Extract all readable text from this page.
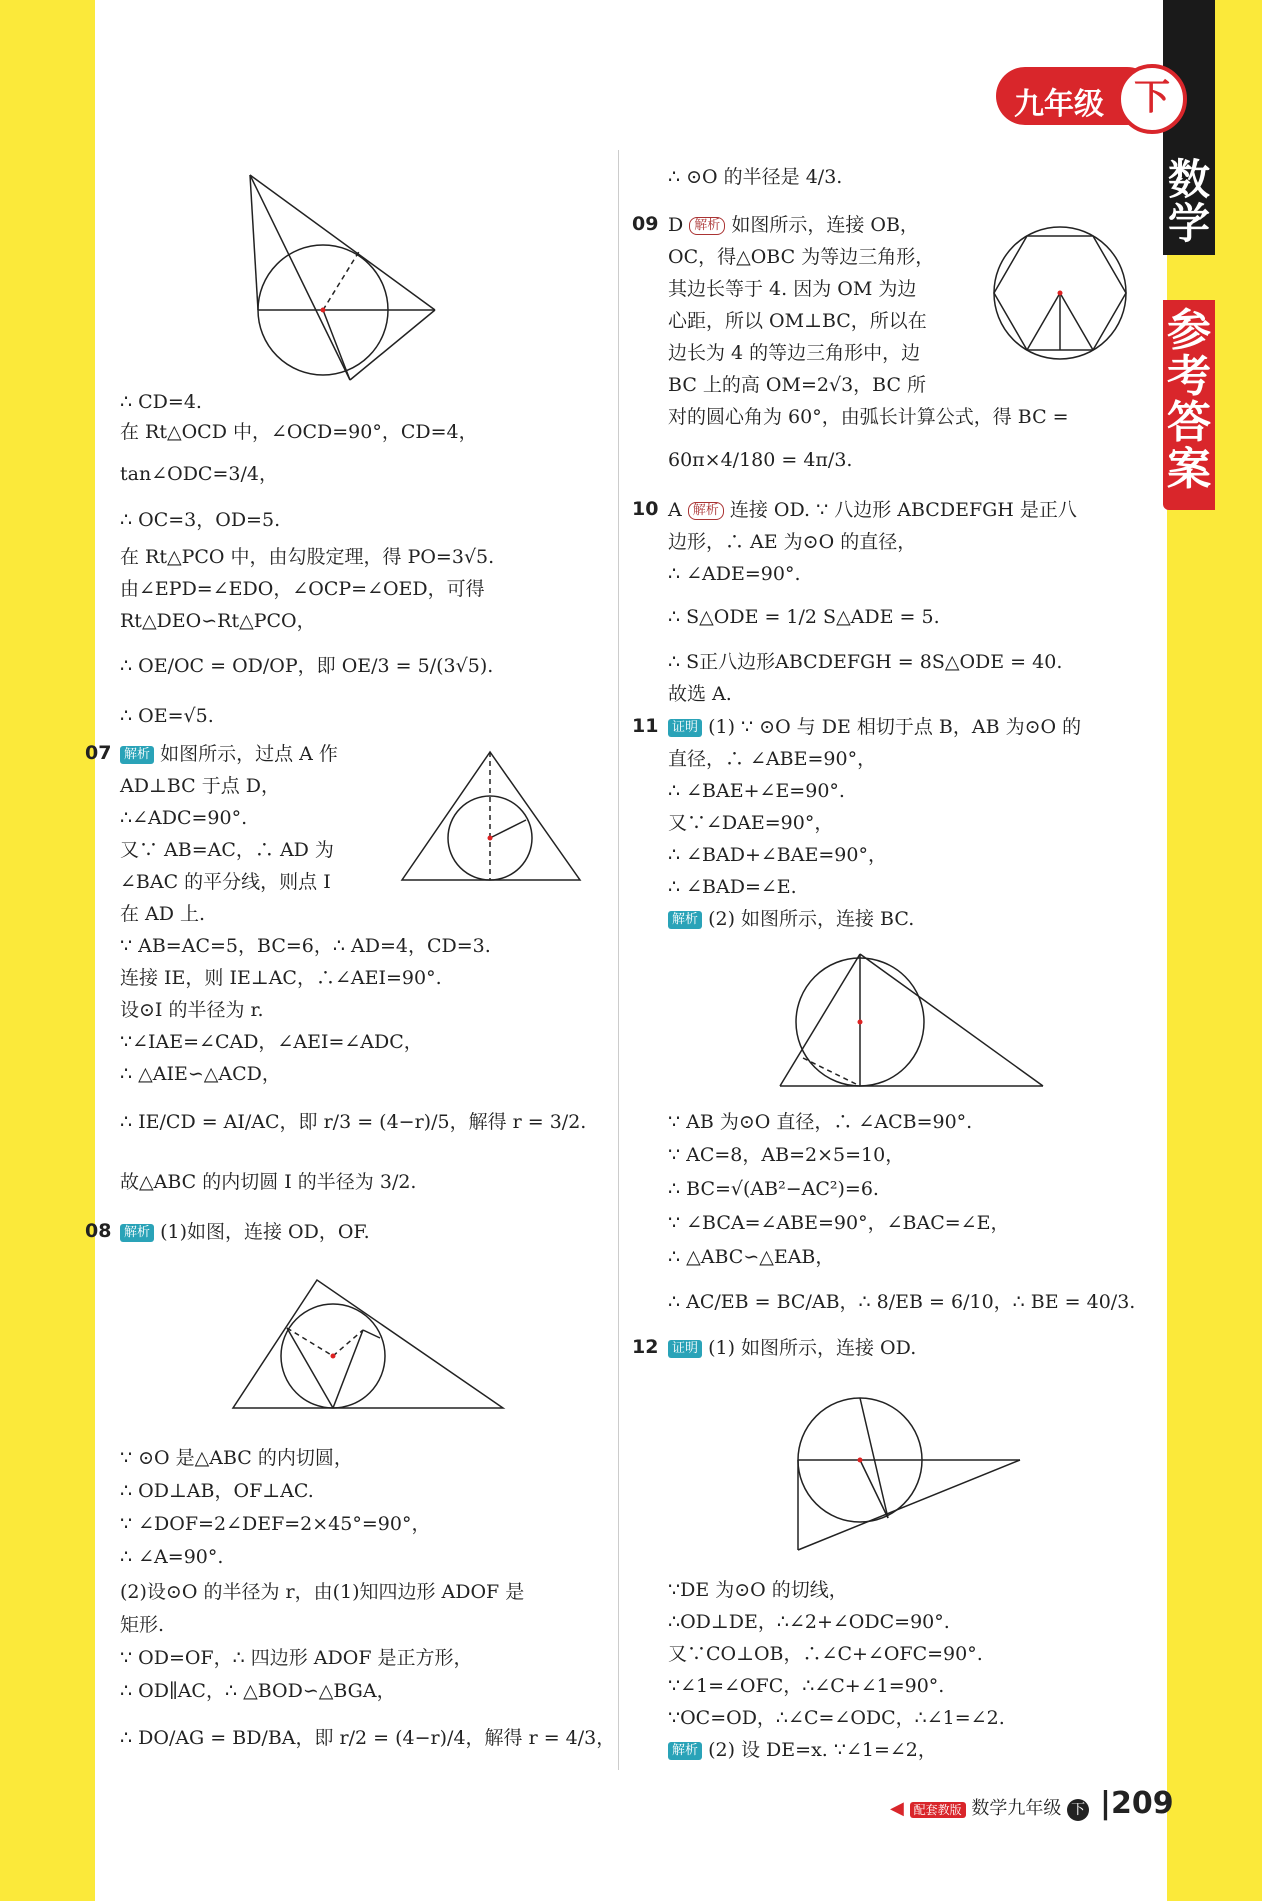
数学
参考答案
九年级 下
∴ CD=4.
在 Rt△OCD 中，∠OCD=90°，CD=4，
tan∠ODC=3/4，
∴ OC=3，OD=5.
在 Rt△PCO 中，由勾股定理，得 PO=3√5.
由∠EPD=∠EDO，∠OCP=∠OED，可得
Rt△DEO∽Rt△PCO，
∴ OE/OC = OD/OP，即 OE/3 = 5/(3√5).
∴ OE=√5.
07 解析 如图所示，过点 A 作
AD⊥BC 于点 D，
∴∠ADC=90°.
又∵ AB=AC，∴ AD 为
∠BAC 的平分线，则点 I
在 AD 上.
∵ AB=AC=5，BC=6，∴ AD=4，CD=3.
连接 IE，则 IE⊥AC，∴∠AEI=90°.
设⊙I 的半径为 r.
∵∠IAE=∠CAD，∠AEI=∠ADC，
∴ △AIE∽△ACD，
∴ IE/CD = AI/AC，即 r/3 = (4−r)/5，解得 r = 3/2.
故△ABC 的内切圆 I 的半径为 3/2.
08 解析 (1)如图，连接 OD，OF.
∵ ⊙O 是△ABC 的内切圆，
∴ OD⊥AB，OF⊥AC.
∵ ∠DOF=2∠DEF=2×45°=90°，
∴ ∠A=90°.
(2)设⊙O 的半径为 r，由(1)知四边形 ADOF 是
矩形.
∵ OD=OF，∴ 四边形 ADOF 是正方形，
∴ OD∥AC，∴ △BOD∽△BGA，
∴ DO/AG = BD/BA，即 r/2 = (4−r)/4，解得 r = 4/3，
∴ ⊙O 的半径是 4/3.
09 D 解析 如图所示，连接 OB，
OC，得△OBC 为等边三角形，
其边长等于 4. 因为 OM 为边
心距，所以 OM⊥BC，所以在
边长为 4 的等边三角形中，边
BC 上的高 OM=2√3，BC 所
对的圆心角为 60°，由弧长计算公式，得 BC =
60π×4/180 = 4π/3.
10 A 解析 连接 OD. ∵ 八边形 ABCDEFGH 是正八
边形，∴ AE 为⊙O 的直径，
∴ ∠ADE=90°.
∴ S△ODE = 1/2 S△ADE = 5.
∴ S正八边形ABCDEFGH = 8S△ODE = 40.
故选 A.
11	证明 (1) ∵ ⊙O 与 DE 相切于点 B，AB 为⊙O 的
直径，∴ ∠ABE=90°，
∴ ∠BAE+∠E=90°.
又∵∠DAE=90°，
∴ ∠BAD+∠BAE=90°，
∴ ∠BAD=∠E.
解析 (2) 如图所示，连接 BC.
∵ AB 为⊙O 直径，∴ ∠ACB=90°.
∵ AC=8，AB=2×5=10，
∴ BC=√(AB²−AC²)=6.
∵ ∠BCA=∠ABE=90°，∠BAC=∠E，
∴ △ABC∽△EAB，
∴ AC/EB = BC/AB，∴ 8/EB = 6/10，∴ BE = 40/3.
12	证明 (1) 如图所示，连接 OD.
∵DE 为⊙O 的切线，
∴OD⊥DE，∴∠2+∠ODC=90°.
又∵CO⊥OB，∴∠C+∠OFC=90°.
∵∠1=∠OFC，∴∠C+∠1=90°.
∵OC=OD，∴∠C=∠ODC，∴∠1=∠2.
解析 (2) 设 DE=x. ∵∠1=∠2，
◀ 配套教版 数学九年级 下 |209
